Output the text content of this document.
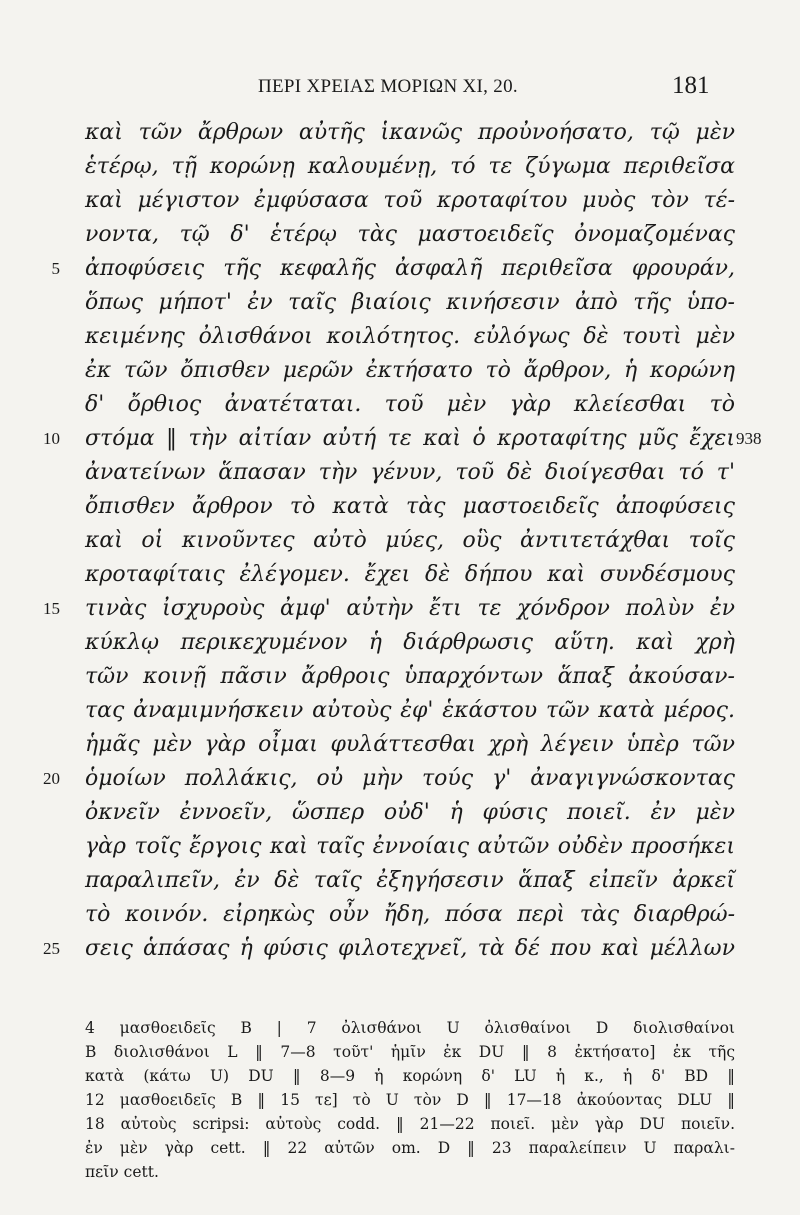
ΠΕΡΙ ΧΡΕΙΑΣ ΜΟΡΙΩΝ XI, 20.	181
καὶ τῶν ἄρθρων αὐτῆς ἱκανῶς προὐνοήσατο, τῷ μὲν
ἑτέρῳ, τῇ κορώνῃ καλουμένῃ, τό τε ζύγωμα περιθεῖσα
καὶ μέγιστον ἐμφύσασα τοῦ κροταφίτου μυὸς τὸν τέ-
νοντα, τῷ δ' ἑτέρῳ τὰς μαστοειδεῖς ὀνομαζομένας
ἀποφύσεις τῆς κεφαλῆς ἀσφαλῆ περιθεῖσα φρουράν,
ὅπως μήποτ' ἐν ταῖς βιαίοις κινήσεσιν ἀπὸ τῆς ὑπο-
κειμένης ὀλισθάνοι κοιλότητος. εὐλόγως δὲ τουτὶ μὲν
ἐκ τῶν ὄπισθεν μερῶν ἐκτήσατο τὸ ἄρθρον, ἡ κορώνη
δ' ὄρθιος ἀνατέταται. τοῦ μὲν γὰρ κλείεσθαι τὸ
στόμα ‖ τὴν αἰτίαν αὐτή τε καὶ ὁ κροταφίτης μῦς ἔχει
ἀνατείνων ἅπασαν τὴν γένυν, τοῦ δὲ διοίγεσθαι τό τ'
ὄπισθεν ἄρθρον τὸ κατὰ τὰς μαστοειδεῖς ἀποφύσεις
καὶ οἱ κινοῦντες αὐτὸ μύες, οὓς ἀντιτετάχθαι τοῖς
κροταφίταις ἐλέγομεν. ἔχει δὲ δήπου καὶ συνδέσμους
τινὰς ἰσχυροὺς ἀμφ' αὐτὴν ἔτι τε χόνδρον πολὺν ἐν
κύκλῳ περικεχυμένον ἡ διάρθρωσις αὕτη. καὶ χρὴ
τῶν κοινῇ πᾶσιν ἄρθροις ὑπαρχόντων ἅπαξ ἀκούσαν-
τας ἀναμιμνήσκειν αὐτοὺς ἐφ' ἑκάστου τῶν κατὰ μέρος.
ἡμᾶς μὲν γὰρ οἶμαι φυλάττεσθαι χρὴ λέγειν ὑπὲρ τῶν
ὁμοίων πολλάκις, οὐ μὴν τούς γ' ἀναγιγνώσκοντας
ὀκνεῖν ἐννοεῖν, ὥσπερ οὐδ' ἡ φύσις ποιεῖ. ἐν μὲν
γὰρ τοῖς ἔργοις καὶ ταῖς ἐννοίαις αὐτῶν οὐδὲν προσήκει
παραλιπεῖν, ἐν δὲ ταῖς ἐξηγήσεσιν ἅπαξ εἰπεῖν ἀρκεῖ
τὸ κοινόν. εἰρηκὼς οὖν ἤδη, πόσα περὶ τὰς διαρθρώ-
σεις ἁπάσας ἡ φύσις φιλοτεχνεῖ, τὰ δέ που καὶ μέλλων
5
10
15
20
25
938
4 μασθοειδεῖς B | 7 ὀλισθάνοι U ὀλισθαίνοι D διολισθαίνοι
B διολισθάνοι L ‖ 7—8 τοῦτ' ἡμῖν ἐκ DU ‖ 8 ἐκτήσατο] ἐκ τῆς
κατὰ (κάτω U) DU ‖ 8—9 ἡ κορώνη δ' LU ἡ κ., ἡ δ' BD ‖
12 μασθοειδεῖς B ‖ 15 τε] τὸ U τὸν D ‖ 17—18 ἀκούοντας DLU ‖
18 αὐτοὺς scripsi: αὐτοὺς codd. ‖ 21—22 ποιεῖ. μὲν γὰρ DU ποιεῖν.
ἐν μὲν γὰρ cett. ‖ 22 αὐτῶν om. D ‖ 23 παραλείπειν U παραλι-
πεῖν cett.
